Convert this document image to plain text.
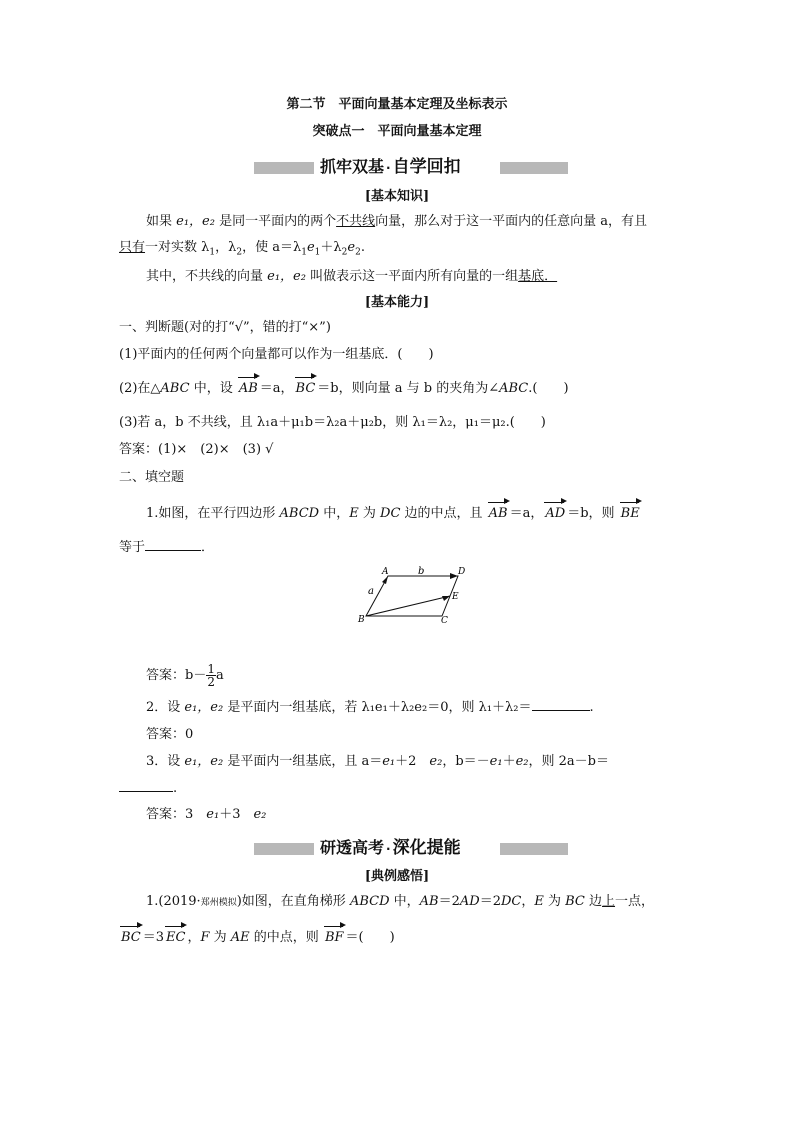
第二节　平面向量基本定理及坐标表示
突破点一　平面向量基本定理
抓牢双基 · 自学回扣
[基本知识]
如果 e₁，e₂ 是同一平面内的两个不共线向量，那么对于这一平面内的任意向量 a，有且
只有一对实数 $\lambda_1$，$\lambda_2$，使 $a=\lambda_1e_1+\lambda_2e_2$.
其中，不共线的向量 e₁，e₂ 叫做表示这一平面内所有向量的一组基底．
[基本能力]
一、判断题(对的打“√”，错的打“×”)
(1)平面内的任何两个向量都可以作为一组基底．(　　)
(2)在△ABC 中，设 AB ＝a， BC ＝b，则向量 a 与 b 的夹角为∠ABC.(　　)
(3)若 a，b 不共线，且 λ₁a＋μ₁b＝λ₂a＋μ₂b，则 λ₁＝λ₂，μ₁＝μ₂.(　　)
答案：(1)×　(2)×　(3) √
二、填空题
1.如图，在平行四边形 ABCD 中，E 为 DC 边的中点，且 AB ＝a， AD ＝b，则 BE
等于	．
A	D
B	C
E
a
b
答案：$b- \frac{1}{2}$ a
2．设 e₁，e₂ 是平面内一组基底，若 λ₁e₁＋λ₂e₂＝0，则 λ₁＋λ₂＝	.
答案：0
3．设 e₁，e₂ 是平面内一组基底，且 a＝e₁＋2　e₂，b＝－e₁＋e₂，则 2a－b＝
.
答案：3　e₁＋3　e₂
研透高考 · 深化提能
[典例感悟]
1.(2019·郑州模拟)如图，在直角梯形 ABCD 中，AB＝2AD＝2DC，E 为 BC 边上一点，
BC ＝3 EC ，F 为 AE 的中点，则 BF ＝(　　)
